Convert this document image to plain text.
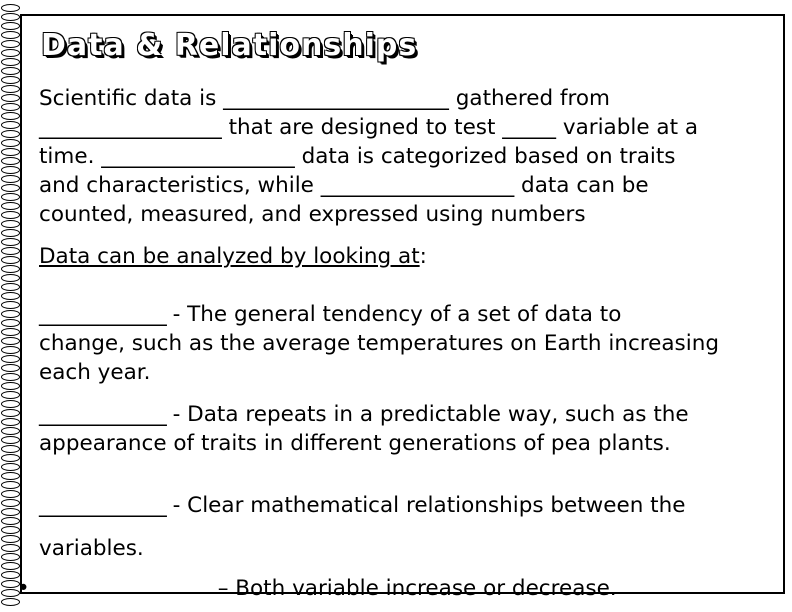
Data & Relationships

Scientific data is _____________________ gathered from
_________________ that are designed to test _____ variable at a
time. __________________ data is categorized based on traits
and characteristics, while __________________ data can be
counted, measured, and expressed using numbers

Data can be analyzed by looking at:

_____________ - The general tendency of a set of data to
change, such as the average temperatures on Earth increasing
each year.

_____________ - Data repeats in a predictable way, such as the
appearance of traits in different generations of pea plants.

_____________ - Clear mathematical relationships between the
variables.

•	– Both variable increase or decrease.
